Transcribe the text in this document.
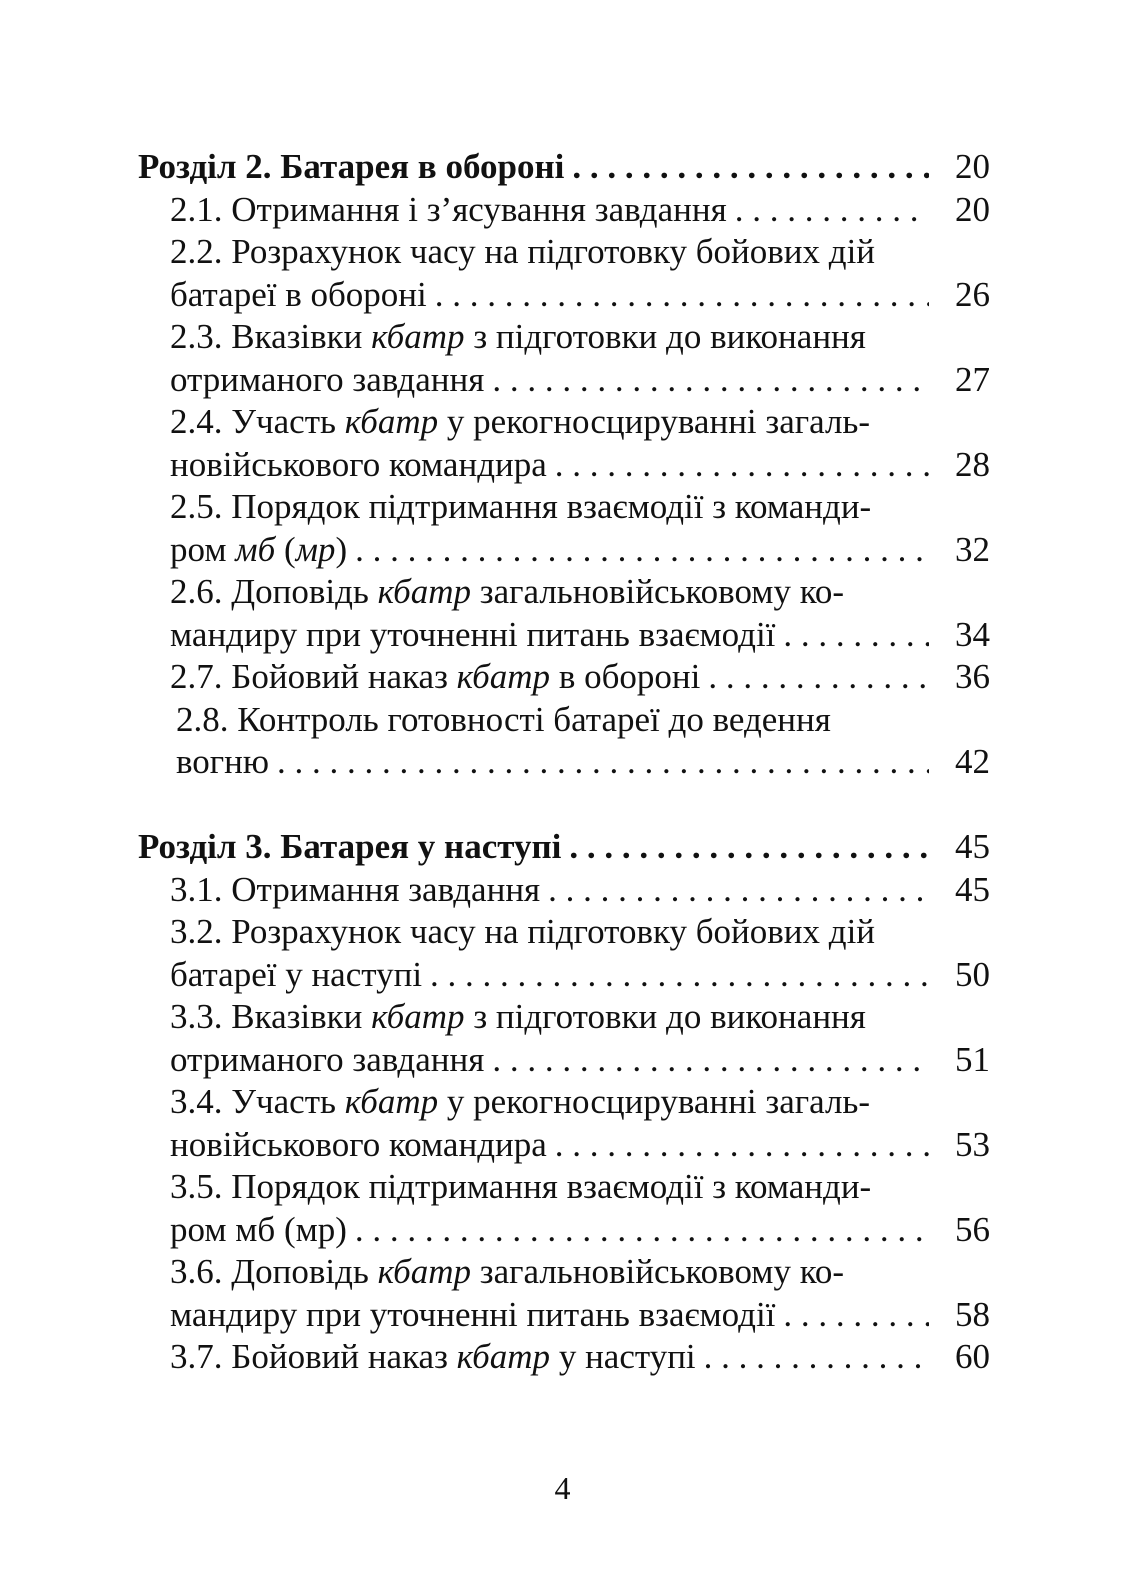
Розділ 2. Батарея в обороні . . .	20
2.1. Отримання і з’ясування завдання . . .	20
2.2. Розрахунок часу на підготовку бойових дій
батареї в обороні . . .	26
2.3. Вказівки кбатр з підготовки до виконання
отриманого завдання . . .	27
2.4. Участь кбатр у рекогносцируванні загаль-
новійськового командира . . .	28
2.5. Порядок підтримання взаємодії з команди-
ром мб (мр) . . .	32
2.6. Доповідь кбатр загальновійськовому ко-
мандиру при уточненні питань взаємодії . . .	34
2.7. Бойовий наказ кбатр в обороні . . .	36
2.8. Контроль готовності батареї до ведення
вогню . . .	42
Розділ 3. Батарея у наступі . . .	45
3.1. Отримання завдання . . .	45
3.2. Розрахунок часу на підготовку бойових дій
батареї у наступі . . .	50
3.3. Вказівки кбатр з підготовки до виконання
отриманого завдання . . .	51
3.4. Участь кбатр у рекогносцируванні загаль-
новійськового командира . . .	53
3.5. Порядок підтримання взаємодії з команди-
ром мб (мр) . . .	56
3.6. Доповідь кбатр загальновійськовому ко-
мандиру при уточненні питань взаємодії . . .	58
3.7. Бойовий наказ кбатр у наступі . . .	60
4
